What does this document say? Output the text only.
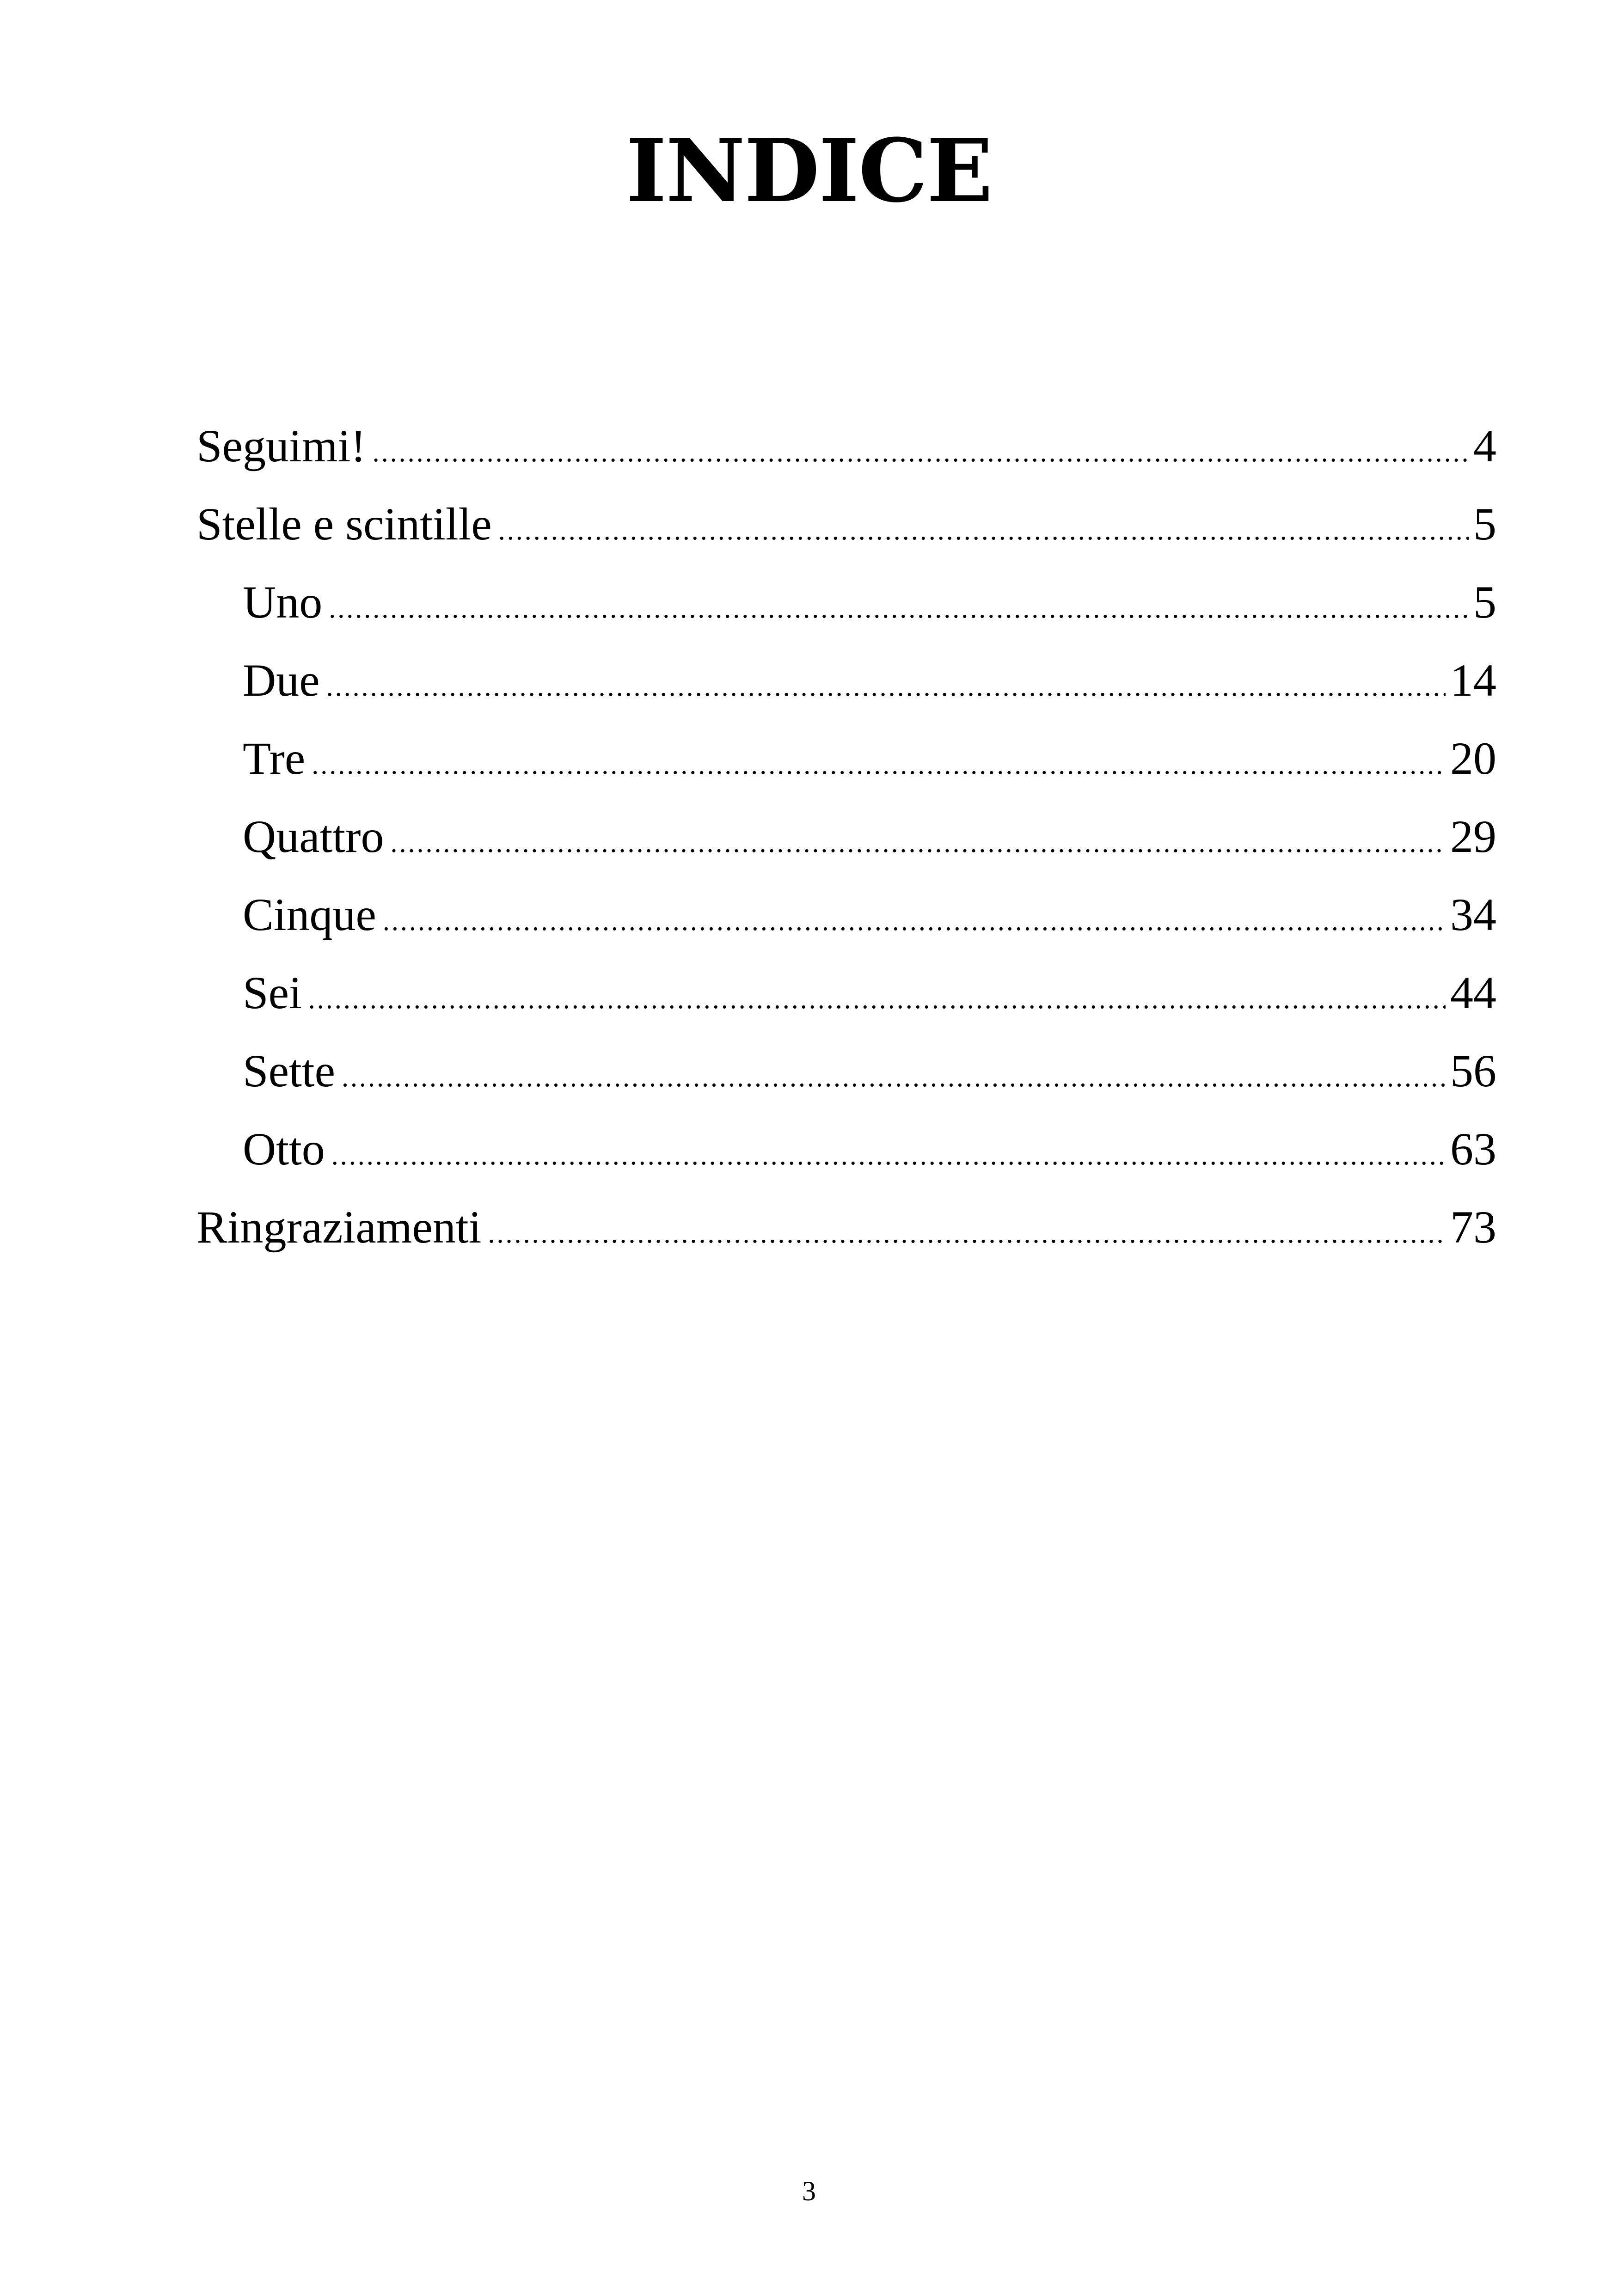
INDICE
Seguimi! .....	4
Stelle e scintille .....	5
Uno .....	5
Due .....	14
Tre .....	20
Quattro .....	29
Cinque .....	34
Sei .....	44
Sette .....	56
Otto .....	63
Ringraziamenti .....	73
3
